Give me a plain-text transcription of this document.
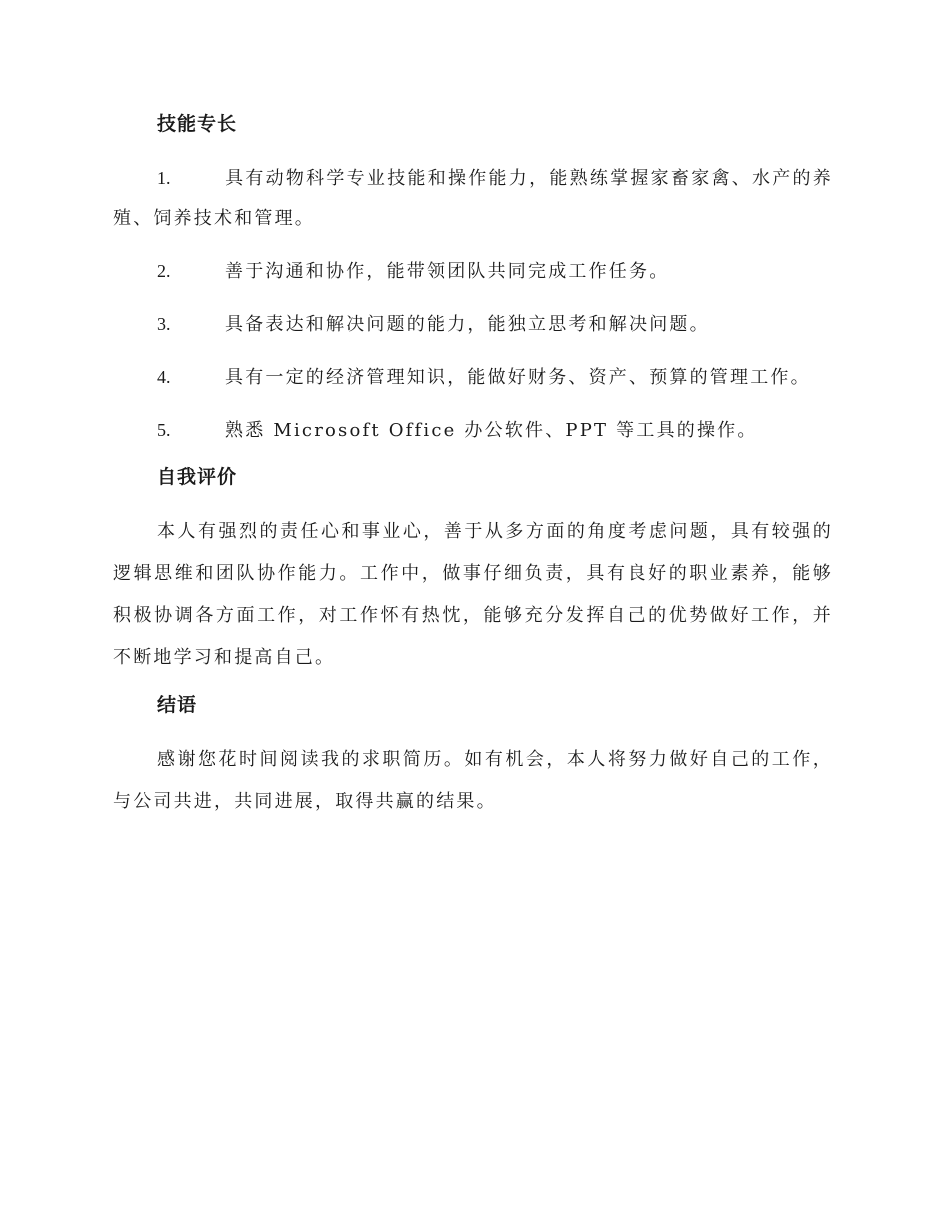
技能专长

1.	具有动物科学专业技能和操作能力，能熟练掌握家畜家禽、水产的养殖、饲养技术和管理。

2.	善于沟通和协作，能带领团队共同完成工作任务。

3.	具备表达和解决问题的能力，能独立思考和解决问题。

4.	具有一定的经济管理知识，能做好财务、资产、预算的管理工作。

5.	熟悉 Microsoft Office 办公软件、PPT 等工具的操作。

自我评价

本人有强烈的责任心和事业心，善于从多方面的角度考虑问题，具有较强的逻辑思维和团队协作能力。工作中，做事仔细负责，具有良好的职业素养，能够积极协调各方面工作，对工作怀有热忱，能够充分发挥自己的优势做好工作，并不断地学习和提高自己。

结语

感谢您花时间阅读我的求职简历。如有机会，本人将努力做好自己的工作，与公司共进，共同进展，取得共赢的结果。
